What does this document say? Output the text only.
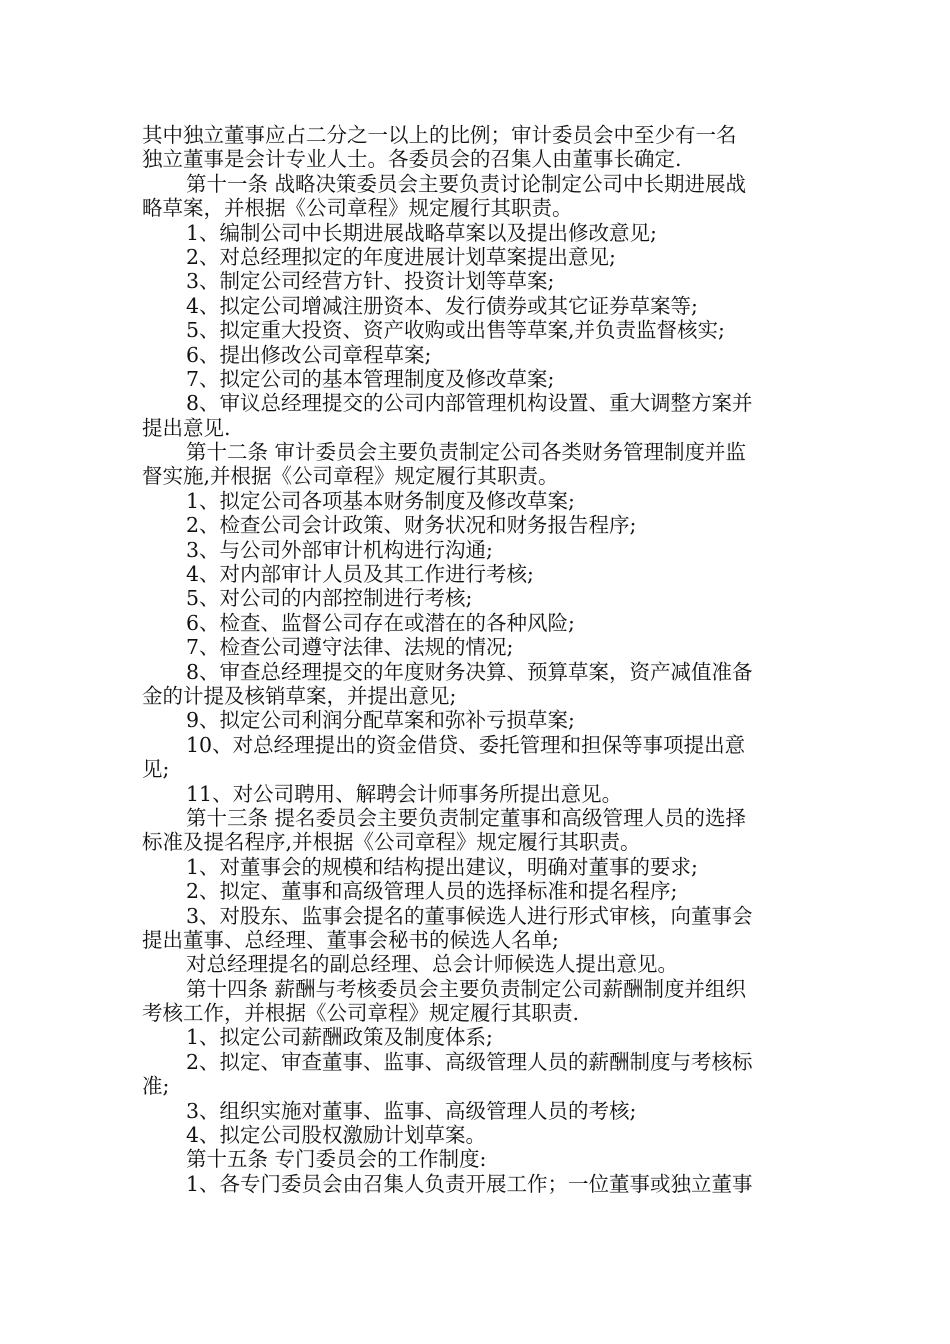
其中独立董事应占二分之一以上的比例；审计委员会中至少有一名
独立董事是会计专业人士。各委员会的召集人由董事长确定.
第十一条 战略决策委员会主要负责讨论制定公司中长期进展战
略草案，并根据《公司章程》规定履行其职责。
1、编制公司中长期进展战略草案以及提出修改意见;
2、对总经理拟定的年度进展计划草案提出意见;
3、制定公司经营方针、投资计划等草案;
4、拟定公司增减注册资本、发行债券或其它证券草案等;
5、拟定重大投资、资产收购或出售等草案,并负责监督核实;
6、提出修改公司章程草案;
7、拟定公司的基本管理制度及修改草案;
8、审议总经理提交的公司内部管理机构设置、重大调整方案并
提出意见.
第十二条 审计委员会主要负责制定公司各类财务管理制度并监
督实施,并根据《公司章程》规定履行其职责。
1、拟定公司各项基本财务制度及修改草案;
2、检查公司会计政策、财务状况和财务报告程序;
3、与公司外部审计机构进行沟通;
4、对内部审计人员及其工作进行考核;
5、对公司的内部控制进行考核;
6、检查、监督公司存在或潜在的各种风险;
7、检查公司遵守法律、法规的情况;
8、审查总经理提交的年度财务决算、预算草案，资产减值准备
金的计提及核销草案，并提出意见;
9、拟定公司利润分配草案和弥补亏损草案;
10、对总经理提出的资金借贷、委托管理和担保等事项提出意
见;
11、对公司聘用、解聘会计师事务所提出意见。
第十三条 提名委员会主要负责制定董事和高级管理人员的选择
标准及提名程序,并根据《公司章程》规定履行其职责。
1、对董事会的规模和结构提出建议，明确对董事的要求;
2、拟定、董事和高级管理人员的选择标准和提名程序;
3、对股东、监事会提名的董事候选人进行形式审核，向董事会
提出董事、总经理、董事会秘书的候选人名单;
对总经理提名的副总经理、总会计师候选人提出意见。
第十四条 薪酬与考核委员会主要负责制定公司薪酬制度并组织
考核工作，并根据《公司章程》规定履行其职责.
1、拟定公司薪酬政策及制度体系;
2、拟定、审查董事、监事、高级管理人员的薪酬制度与考核标
准;
3、组织实施对董事、监事、高级管理人员的考核;
4、拟定公司股权激励计划草案。
第十五条 专门委员会的工作制度:
1、各专门委员会由召集人负责开展工作；一位董事或独立董事
